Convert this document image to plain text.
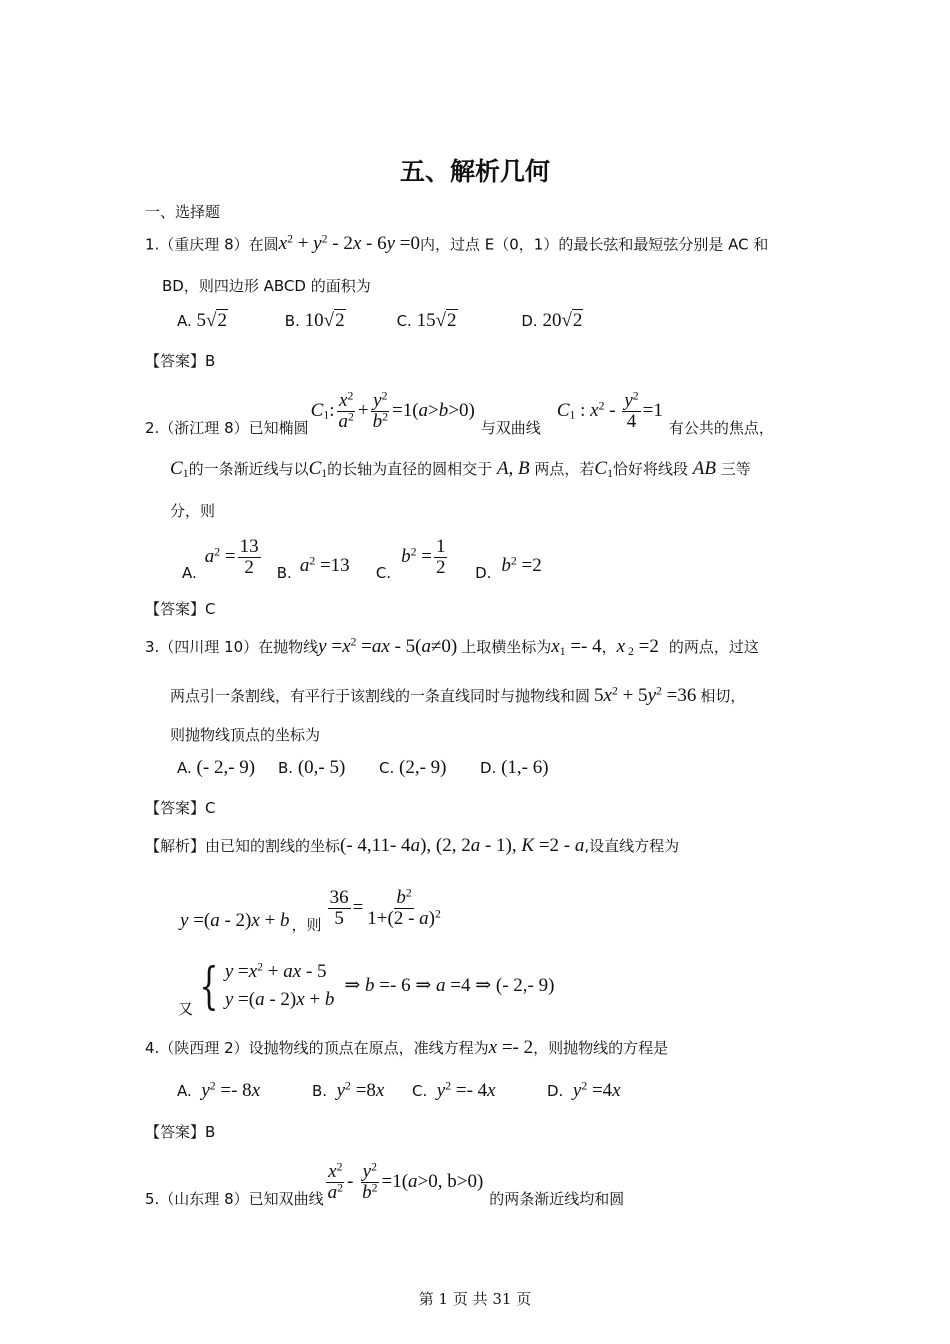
五、解析几何
一、选择题
1.（重庆理 8）在圆$x^2 + y^2 - 2x - 6y =0$内，过点 E（0，1）的最长弦和最短弦分别是 AC 和
BD，则四边形 ABCD 的面积为
A. 5√2	B. 10√2	C. 15√2	D. 20√2
【答案】B
2.（浙江理 8）已知椭圆
$C_1$: $\frac{x^2}{a^2} + \frac{y^2}{b^2} =1(a>b>0)$
与双曲线
$C_1$ : $x^2 - \frac{y^2}{4} =1$
有公共的焦点，
$C_1$的一条渐近线与以$C_1$的长轴为直径的圆相交于 A, B 两点，若$C_1$恰好将线段 AB 三等
分，则
A.
$a^2 = \frac{13}{2} B$. $a^2 =13$	C.
$b^2 = \frac{1}{2} D$. $b^2 =2$
【答案】C
3.（四川理 10）在抛物线$y =x^2 =ax - 5(a\ne 0)$ 上取横坐标为$x_1 =- 4$，x $_2$ =2 的两点，过这
两点引一条割线，有平行于该割线的一条直线同时与抛物线和圆 $5x^2 + 5y^2 =36$ 相切，
则抛物线顶点的坐标为
A. (- 2,- 9) B. (0,- 5) C. (2,- 9) D. (1,- 6)
【答案】C
【解析】由已知的割线的坐标(- 4,11- 4a), (2, 2a - 1), K =2 - a,设直线方程为
y =(a - 2)x + b ，则 $\frac{36}{5} = \frac{b^2}{1+(2 - a)^2}$
又 { $y =x^2$ + ax - 5
y =(a - 2)x + b
⇒ b =- 6 ⇒ a =4 ⇒ (- 2,- 9)
4.（陕西理 2）设抛物线的顶点在原点，准线方程为x =- 2，则抛物线的方程是
A. $y^2 =- 8x$	B. $y^2 =8x$ C. $y^2 =- 4x$	D. $y^2 =4x$
【答案】B
5.（山东理 8）已知双曲线 $\frac{x^2}{a^2} - \frac{y^2}{b^2} =1(a>0$, b>0)
的两条渐近线均和圆
第 1 页 共 31 页
